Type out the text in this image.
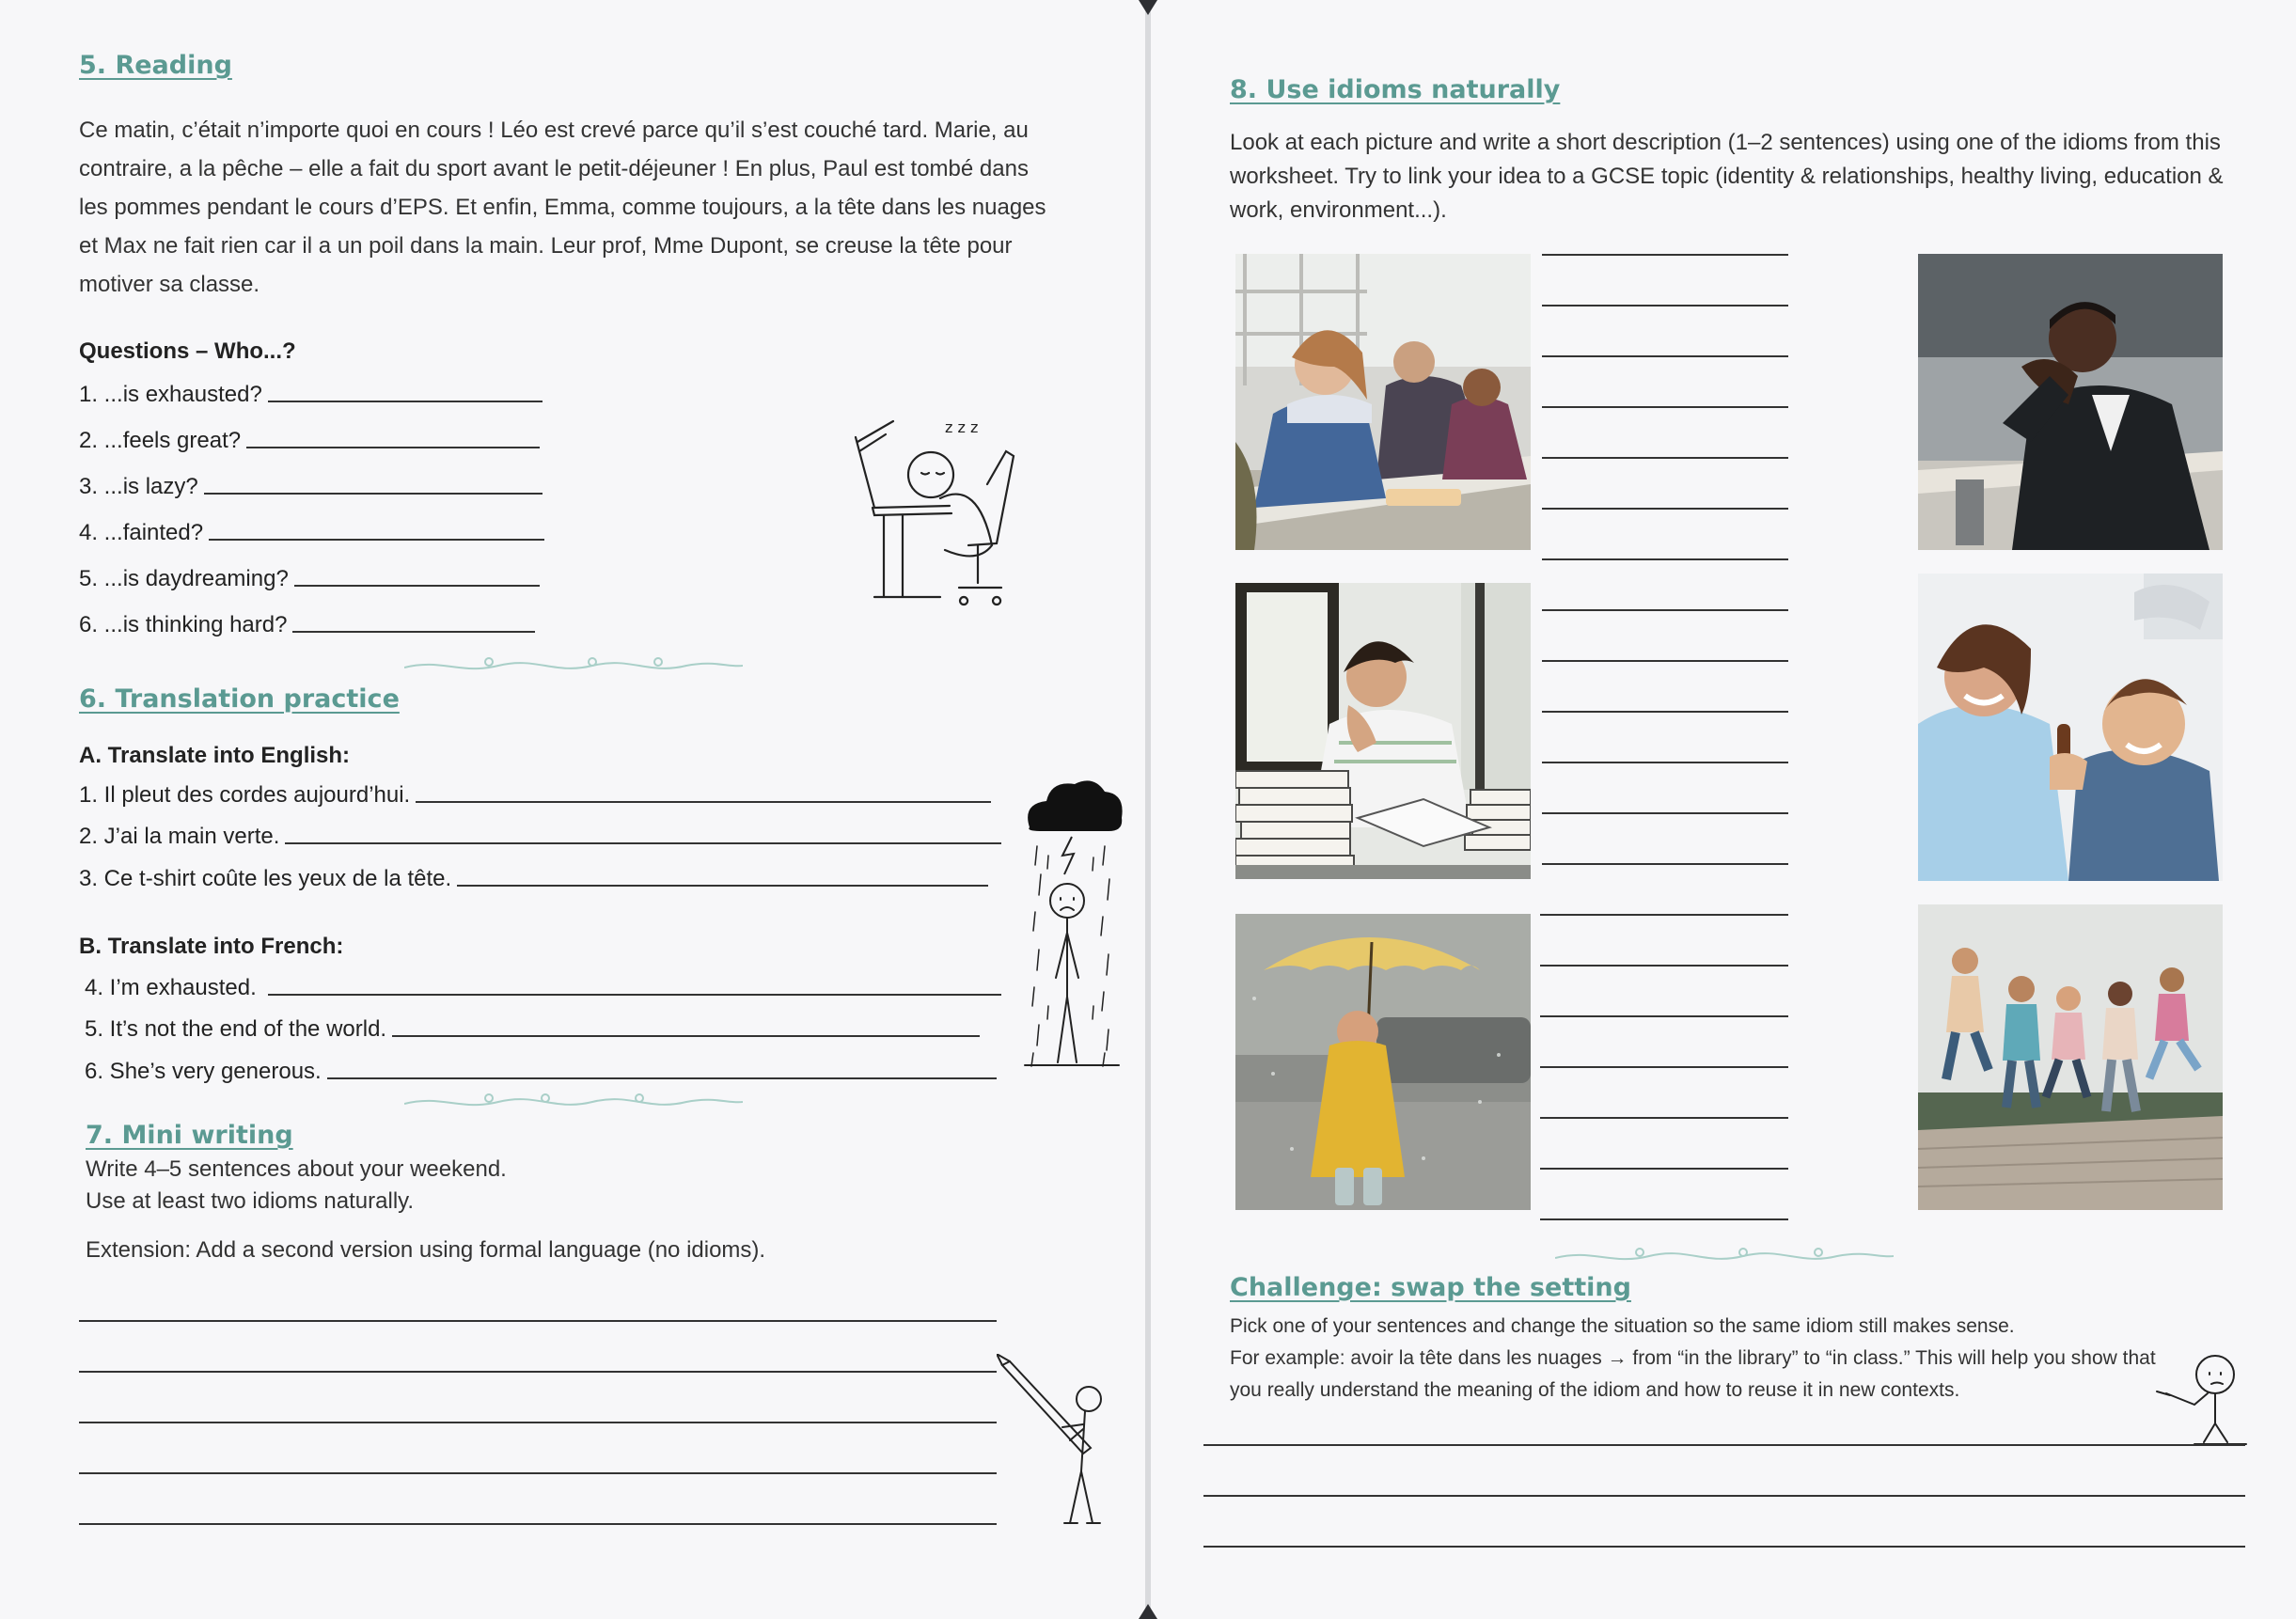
5. Reading

Ce matin, c’était n’importe quoi en cours ! Léo est crevé parce qu’il s’est couché tard. Marie, au contraire, a la pêche – elle a fait du sport avant le petit-déjeuner ! En plus, Paul est tombé dans les pommes pendant le cours d’EPS. Et enfin, Emma, comme toujours, a la tête dans les nuages et Max ne fait rien car il a un poil dans la main. Leur prof, Mme Dupont, se creuse la tête pour motiver sa classe.

Questions – Who...?

1. ...is exhausted?
2. ...feels great?
3. ...is lazy?
4. ...fainted?
5. ...is daydreaming?
6. ...is thinking hard?
z z z
6. Translation practice

A. Translate into English:

1. Il pleut des cordes aujourd’hui.
2. J’ai la main verte.
3. Ce t-shirt coûte les yeux de la tête.

B. Translate into French:

4. I’m exhausted.
5. It’s not the end of the world.
6. She’s very generous.
7. Mini writing

Write 4–5 sentences about your weekend.

Use at least two idioms naturally.

Extension: Add a second version using formal language (no idioms).

8. Use idioms naturally

Look at each picture and write a short description (1–2 sentences) using one of the idioms from this worksheet. Try to link your idea to a GCSE topic (identity & relationships, healthy living, education & work, environment...).

Challenge: swap the setting

Pick one of your sentences and change the situation so the same idiom still makes sense.

For example: avoir la tête dans les nuages → from “in the library” to “in class.” This will help you show that you really understand the meaning of the idiom and how to reuse it in new contexts.
